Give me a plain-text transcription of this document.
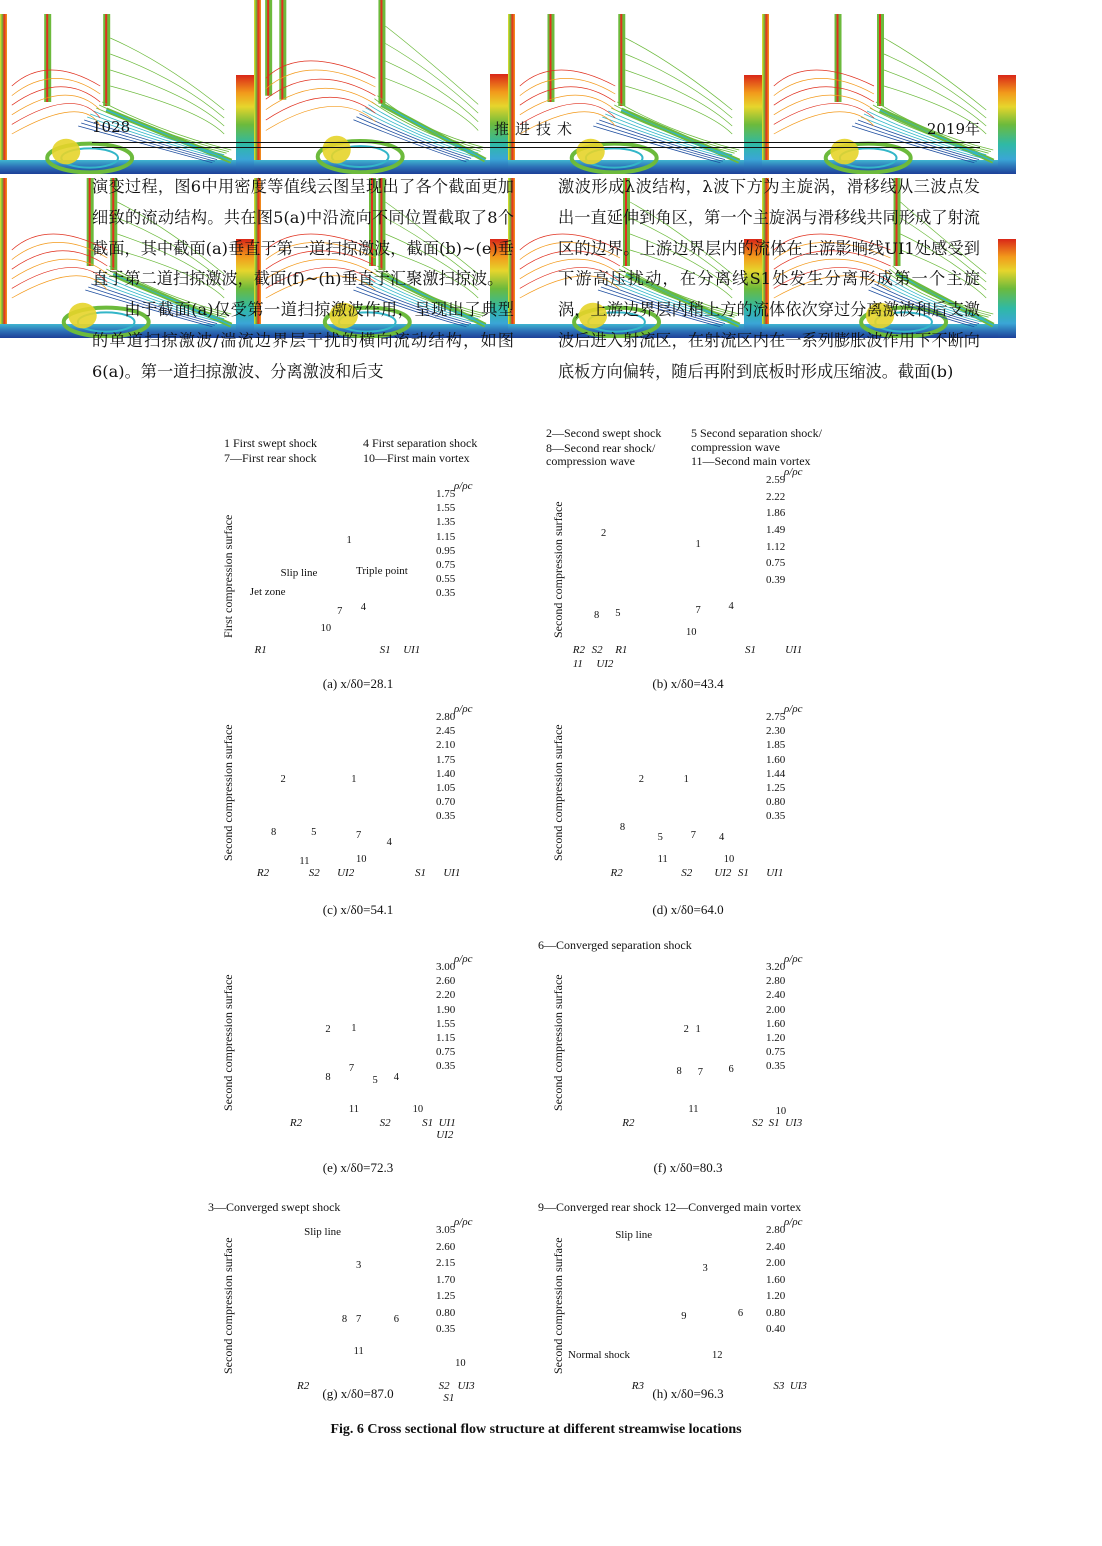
1028	推进技术	2019年

演变过程，图6中用密度等值线云图呈现出了各个截面更加细致的流动结构。共在图5(a)中沿流向不同位置截取了8个截面，其中截面(a)垂直于第一道扫掠激波，截面(b)~(e)垂直于第二道扫掠激波，截面(f)~(h)垂直于汇聚激扫掠波。

由于截面(a)仅受第一道扫掠激波作用，呈现出了典型的单道扫掠激波/湍流边界层干扰的横向流动结构，如图6(a)。第一道扫掠激波、分离激波和后支

激波形成λ波结构，λ波下方为主旋涡，滑移线从三波点发出一直延伸到角区，第一个主旋涡与滑移线共同形成了射流区的边界。上游边界层内的流体在上游影响线UI1处感受到下游高压扰动，在分离线S1处发生分离形成第一个主旋涡，上游边界层内稍上方的流体依次穿过分离激波和后支激波后进入射流区，在射流区内在一系列膨胀波作用下不断向底板方向偏转，随后再附到底板时形成压缩波。截面(b)

1 First swept shock	4 First separation shock
7—First rear shock	10—First main vortex
First compression surface
ρ/ρc
1.75
1.55
1.35
1.15
0.95
0.75
0.55
0.35
1
7 4
10
Slip line
Jet zone
Triple point
R1	S1 UI1
(a) x/δ0=28.1
2—Second swept shock 5 Second separation shock/
8—Second rear shock/	compression wave
compression wave	11—Second main vortex
Second compression surface
ρ/ρc
2.59
2.22
1.86
1.49
1.12
0.75
0.39
2
1
7	4
10
8 5
R2 S2 R1	S1	UI1
11 UI2
(b) x/δ0=43.4
Second compression surface
ρ/ρc
2.80
2.45
2.10
1.75
1.40
1.05
0.70
0.35
2	1
8	5	7
4
11	10
R2	S2 UI2	S1 UI1
(c) x/δ0=54.1
Second compression surface
ρ/ρc
2.75
2.30
1.85
1.60
1.44
1.25
0.80
0.35
2	1
8
5	7 4
11	10
R2	S2 UI2 S1 UI1
(d) x/δ0=64.0
Second compression surface
ρ/ρc
3.00
2.60
2.20
1.90
1.55
1.15
0.75
0.35
2 1
8
7
5 4
11	10
R2	S2	S1 UI1
UI2
(e) x/δ0=72.3
6—Converged separation shock
Second compression surface
ρ/ρc
3.20
2.80
2.40
2.00
1.60
1.20
0.75
0.35
2 1
8 7 6
11	10
R2	S2 S1 UI3
(f) x/δ0=80.3
3—Converged swept shock
Second compression surface
ρ/ρc
3.05
2.60
2.15
1.70
1.25
0.80
0.35
3
8 7	6
11
10
Slip line
R2	S2 UI3
S1
(g) x/δ0=87.0
9—Converged rear shock 12—Converged main vortex
Second compression surface
ρ/ρc
2.80
2.40
2.00
1.60
1.20
0.80
0.40
3
9	6
12
Slip line
Normal shock
R3	S3 UI3
(h) x/δ0=96.3
Fig. 6 Cross sectional flow structure at different streamwise locations
